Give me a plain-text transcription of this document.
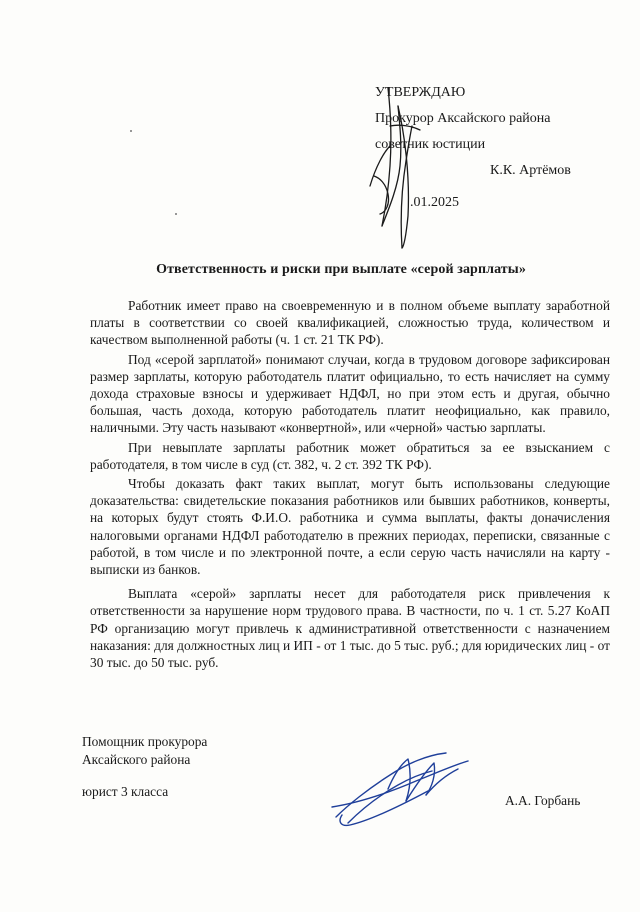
УТВЕРЖДАЮ
Прокурор Аксайского района
советник юстиции
К.К. Артёмов
.01.2025
Ответственность и риски при выплате «серой зарплаты»

Работник имеет право на своевременную и в полном объеме выплату заработной платы в соответствии со своей квалификацией, сложностью труда, количеством и качеством выполненной работы (ч. 1 ст. 21 ТК РФ).

Под «серой зарплатой» понимают случаи, когда в трудовом договоре зафиксирован размер зарплаты, которую работодатель платит официально, то есть начисляет на сумму дохода страховые взносы и удерживает НДФЛ, но при этом есть и другая, обычно большая, часть дохода, которую работодатель платит неофициально, как правило, наличными. Эту часть называют «конвертной», или «черной» частью зарплаты.

При невыплате зарплаты работник может обратиться за ее взысканием с работодателя, в том числе в суд (ст. 382, ч. 2 ст. 392 ТК РФ).

Чтобы доказать факт таких выплат, могут быть использованы следующие доказательства: свидетельские показания работников или бывших работников, конверты, на которых будут стоять Ф.И.О. работника и сумма выплаты, факты доначисления налоговыми органами НДФЛ работодателю в прежних периодах, переписки, связанные с работой, в том числе и по электронной почте, а если серую часть начисляли на карту - выписки из банков.

Выплата «серой» зарплаты несет для работодателя риск привлечения к ответственности за нарушение норм трудового права. В частности, по ч. 1 ст. 5.27 КоАП РФ организацию могут привлечь к административной ответственности с назначением наказания: для должностных лиц и ИП - от 1 тыс. до 5 тыс. руб.; для юридических лиц - от 30 тыс. до 50 тыс. руб.

Помощник прокурора
Аксайского района
юрист 3 класса
А.А. Горбань
